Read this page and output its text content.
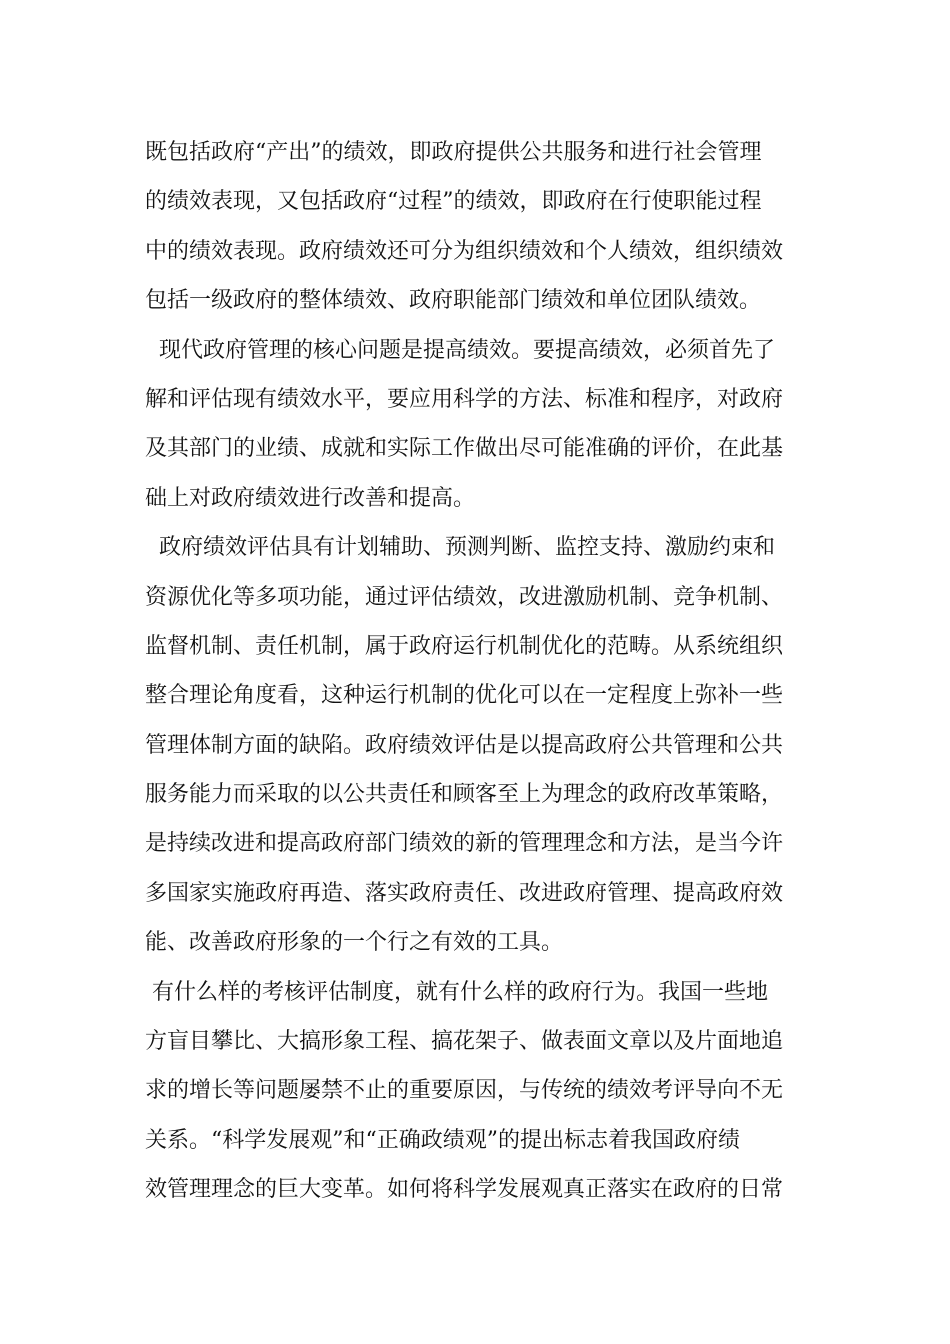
既包括政府“产出”的绩效，即政府提供公共服务和进行社会管理
的绩效表现，又包括政府“过程”的绩效，即政府在行使职能过程
中的绩效表现。政府绩效还可分为组织绩效和个人绩效，组织绩效
包括一级政府的整体绩效、政府职能部门绩效和单位团队绩效。
现代政府管理的核心问题是提高绩效。要提高绩效，必须首先了
解和评估现有绩效水平，要应用科学的方法、标准和程序，对政府
及其部门的业绩、成就和实际工作做出尽可能准确的评价，在此基
础上对政府绩效进行改善和提高。
政府绩效评估具有计划辅助、预测判断、监控支持、激励约束和
资源优化等多项功能，通过评估绩效，改进激励机制、竞争机制、
监督机制、责任机制，属于政府运行机制优化的范畴。从系统组织
整合理论角度看，这种运行机制的优化可以在一定程度上弥补一些
管理体制方面的缺陷。政府绩效评估是以提高政府公共管理和公共
服务能力而采取的以公共责任和顾客至上为理念的政府改革策略，
是持续改进和提高政府部门绩效的新的管理理念和方法，是当今许
多国家实施政府再造、落实政府责任、改进政府管理、提高政府效
能、改善政府形象的一个行之有效的工具。
有什么样的考核评估制度，就有什么样的政府行为。我国一些地
方盲目攀比、大搞形象工程、搞花架子、做表面文章以及片面地追
求的增长等问题屡禁不止的重要原因，与传统的绩效考评导向不无
关系。“科学发展观”和“正确政绩观”的提出标志着我国政府绩
效管理理念的巨大变革。如何将科学发展观真正落实在政府的日常
